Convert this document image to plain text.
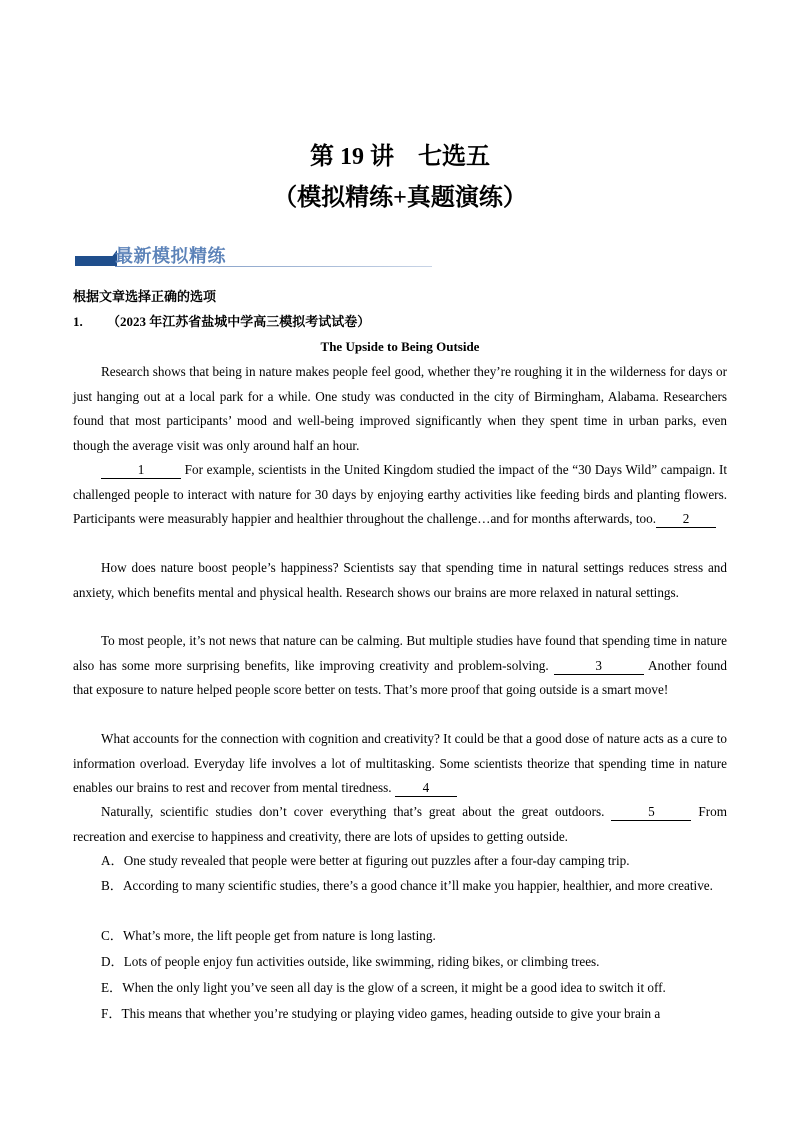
第 19 讲　七选五
（模拟精练+真题演练）
最新模拟精练
根据文章选择正确的选项
1. （2023 年江苏省盐城中学高三模拟考试试卷）
The Upside to Being Outside

Research shows that being in nature makes people feel good, whether they’re roughing it in the wilderness for days or just hanging out at a local park for a while. One study was conducted in the city of Birmingham, Alabama. Researchers found that most participants’ mood and well-being improved significantly when they spent time in urban parks, even though the average visit was only around half an hour.

1	For example, scientists in the United Kingdom studied the impact of the “30 Days Wild” campaign. It challenged people to interact with nature for 30 days by enjoying earthy activities like feeding birds and planting flowers. Participants were measurably happier and healthier throughout the challenge…and for months afterwards, too. 2

How does nature boost people’s happiness? Scientists say that spending time in natural settings reduces stress and anxiety, which benefits mental and physical health. Research shows our brains are more relaxed in natural settings.

To most people, it’s not news that nature can be calming. But multiple studies have found that spending time in nature also has some more surprising benefits, like improving creativity and problem-solving.	3	Another found that exposure to nature helped people score better on tests. That’s more proof that going outside is a smart move!

What accounts for the connection with cognition and creativity? It could be that a good dose of nature acts as a cure to information overload. Everyday life involves a lot of multitasking. Some scientists theorize that spending time in nature enables our brains to rest and recover from mental tiredness. 4

Naturally, scientific studies don’t cover everything that’s great about the great outdoors.	5	From recreation and exercise to happiness and creativity, there are lots of upsides to getting outside.

A．One study revealed that people were better at figuring out puzzles after a four-day camping trip.

B．According to many scientific studies, there’s a good chance it’ll make you happier, healthier, and more creative.

C．What’s more, the lift people get from nature is long lasting.

D．Lots of people enjoy fun activities outside, like swimming, riding bikes, or climbing trees.

E．When the only light you’ve seen all day is the glow of a screen, it might be a good idea to switch it off.

F．This means that whether you’re studying or playing video games, heading outside to give your brain a
